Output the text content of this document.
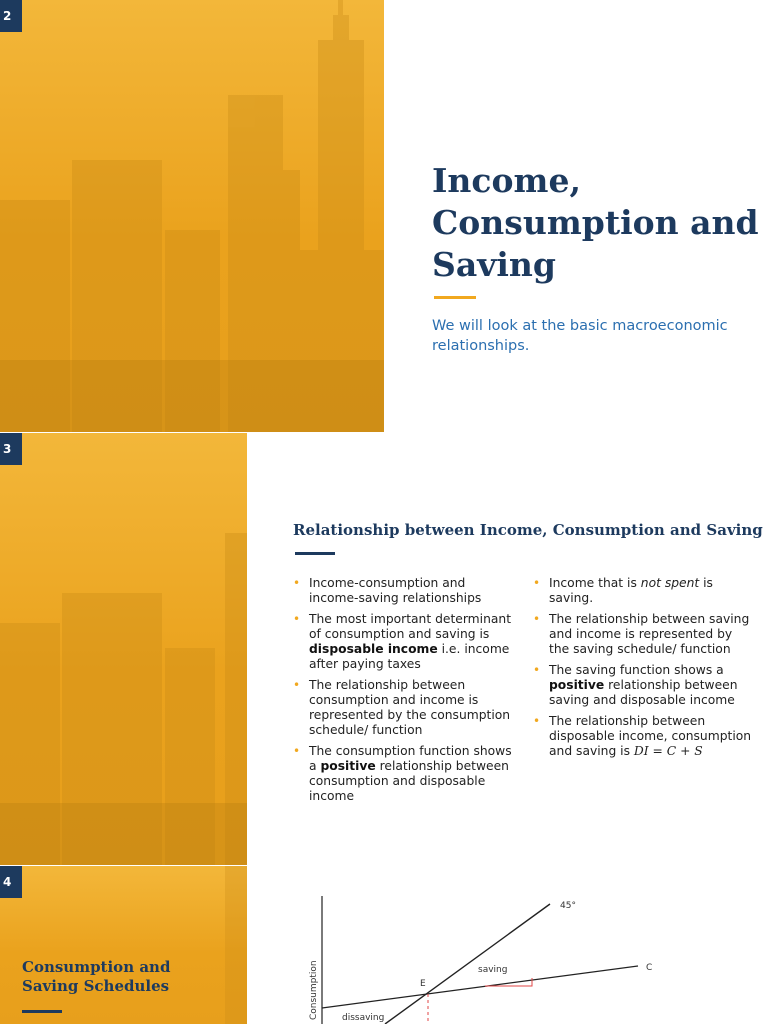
2
Income, Consumption and Saving

We will look at the basic macroeconomic relationships.

3
Relationship between Income, Consumption and Saving
• Income-consumption and income-saving relationships
• The most important determinant of consumption and saving is disposable income i.e. income after paying taxes
• The relationship between consumption and income is represented by the consumption schedule/ function
• The consumption function shows a positive relationship between consumption and disposable income
• Income that is not spent is saving.
• The relationship between saving and income is represented by the saving schedule/ function
• The saving function shows a positive relationship between saving and disposable income
• The relationship between disposable income, consumption and saving is DI = C + S
4
Consumption and Saving Schedules	Consumption
45°
C
E
saving
dissaving
